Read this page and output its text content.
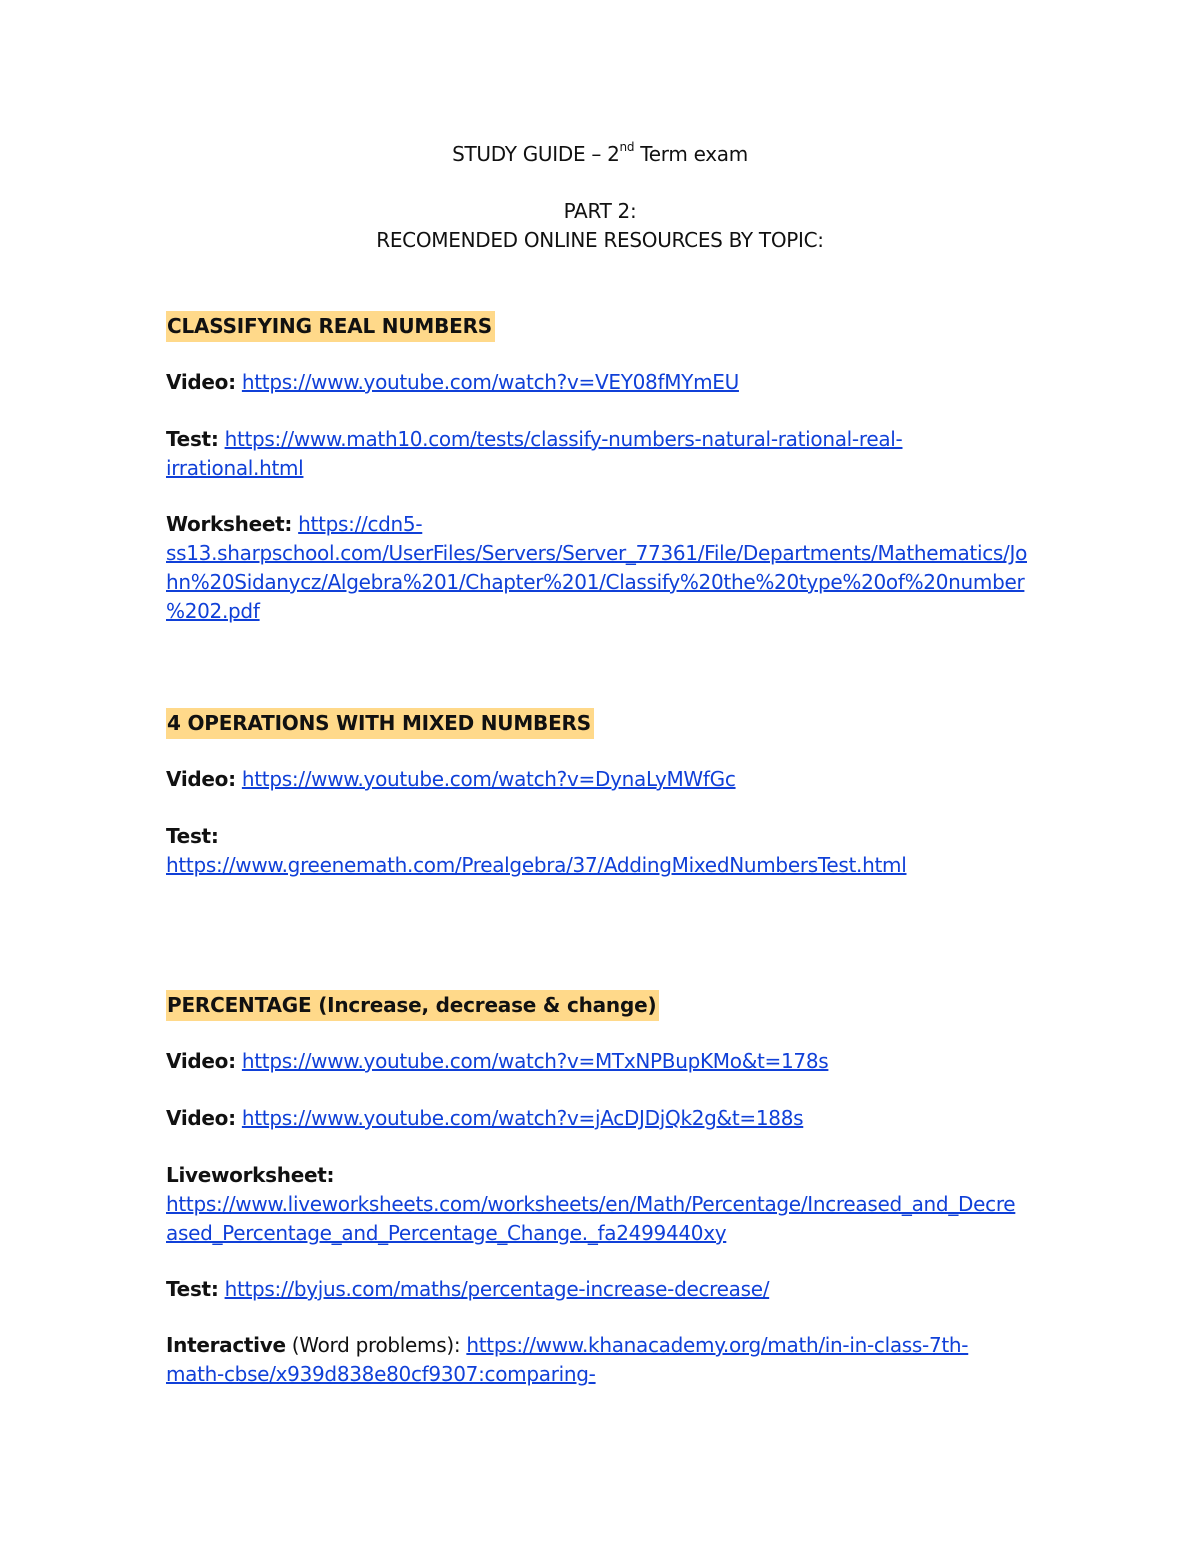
STUDY GUIDE – 2nd Term exam
PART 2:
RECOMENDED ONLINE RESOURCES BY TOPIC:
CLASSIFYING REAL NUMBERS
Video: https://www.youtube.com/watch?v=VEY08fMYmEU
Test: https://www.math10.com/tests/classify-numbers-natural-rational-real-irrational.html
Worksheet: https://cdn5-ss13.sharpschool.com/UserFiles/Servers/Server_77361/File/Departments/Mathematics/John%20Sidanycz/Algebra%201/Chapter%201/Classify%20the%20type%20of%20number%202.pdf
4 OPERATIONS WITH MIXED NUMBERS
Video: https://www.youtube.com/watch?v=DynaLyMWfGc
Test:
https://www.greenemath.com/Prealgebra/37/AddingMixedNumbersTest.html
PERCENTAGE (Increase, decrease & change)
Video: https://www.youtube.com/watch?v=MTxNPBupKMo&t=178s
Video: https://www.youtube.com/watch?v=jAcDJDjQk2g&t=188s
Liveworksheet:
https://www.liveworksheets.com/worksheets/en/Math/Percentage/Increased_and_Decreased_Percentage_and_Percentage_Change._fa2499440xy
Test: https://byjus.com/maths/percentage-increase-decrease/
Interactive (Word problems): https://www.khanacademy.org/math/in-in-class-7th-math-cbse/x939d838e80cf9307:comparing-
